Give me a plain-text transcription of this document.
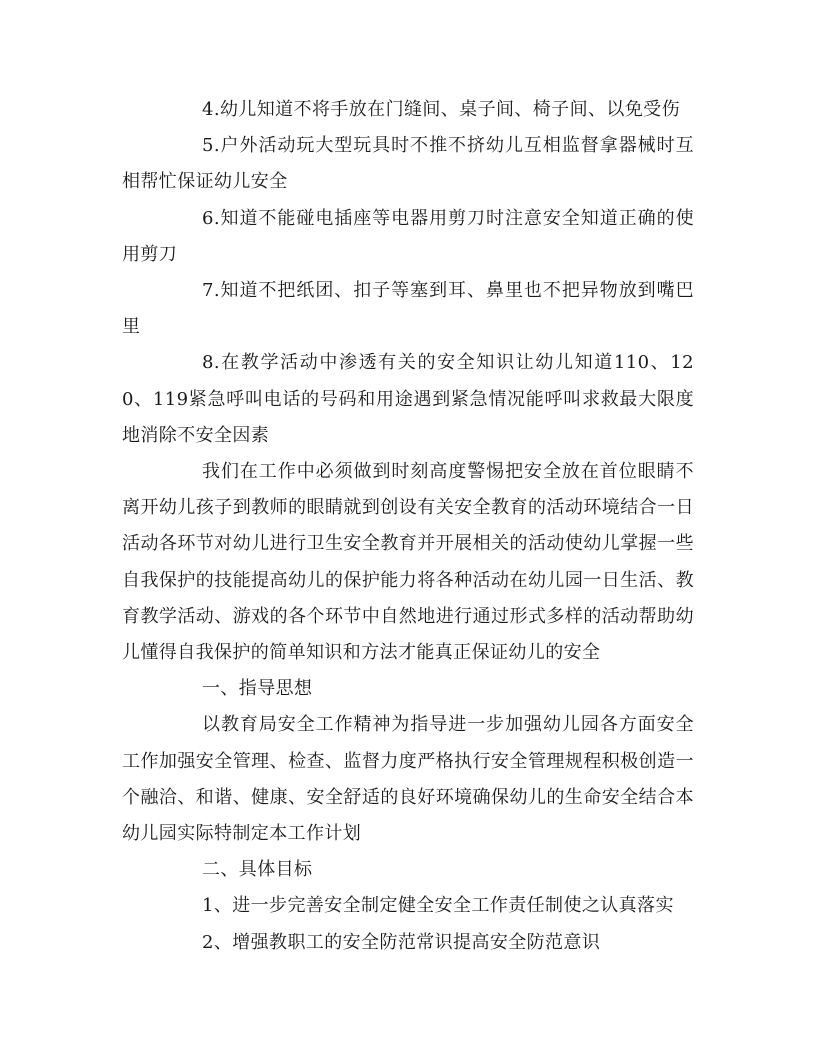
4.幼儿知道不将手放在门缝间、桌子间、椅子间、以免受伤

5.户外活动玩大型玩具时不推不挤幼儿互相监督拿器械时互相帮忙保证幼儿安全

6.知道不能碰电插座等电器用剪刀时注意安全知道正确的使用剪刀

7.知道不把纸团、扣子等塞到耳、鼻里也不把异物放到嘴巴里

8.在教学活动中渗透有关的安全知识让幼儿知道110、120、119紧急呼叫电话的号码和用途遇到紧急情况能呼叫求救最大限度地消除不安全因素

我们在工作中必须做到时刻高度警惕把安全放在首位眼睛不离开幼儿孩子到教师的眼睛就到创设有关安全教育的活动环境结合一日活动各环节对幼儿进行卫生安全教育并开展相关的活动使幼儿掌握一些自我保护的技能提高幼儿的保护能力将各种活动在幼儿园一日生活、教育教学活动、游戏的各个环节中自然地进行通过形式多样的活动帮助幼儿懂得自我保护的简单知识和方法才能真正保证幼儿的安全

一、指导思想

以教育局安全工作精神为指导进一步加强幼儿园各方面安全工作加强安全管理、检查、监督力度严格执行安全管理规程积极创造一个融洽、和谐、健康、安全舒适的良好环境确保幼儿的生命安全结合本幼儿园实际特制定本工作计划

二、具体目标

1、进一步完善安全制定健全安全工作责任制使之认真落实

2、增强教职工的安全防范常识提高安全防范意识
